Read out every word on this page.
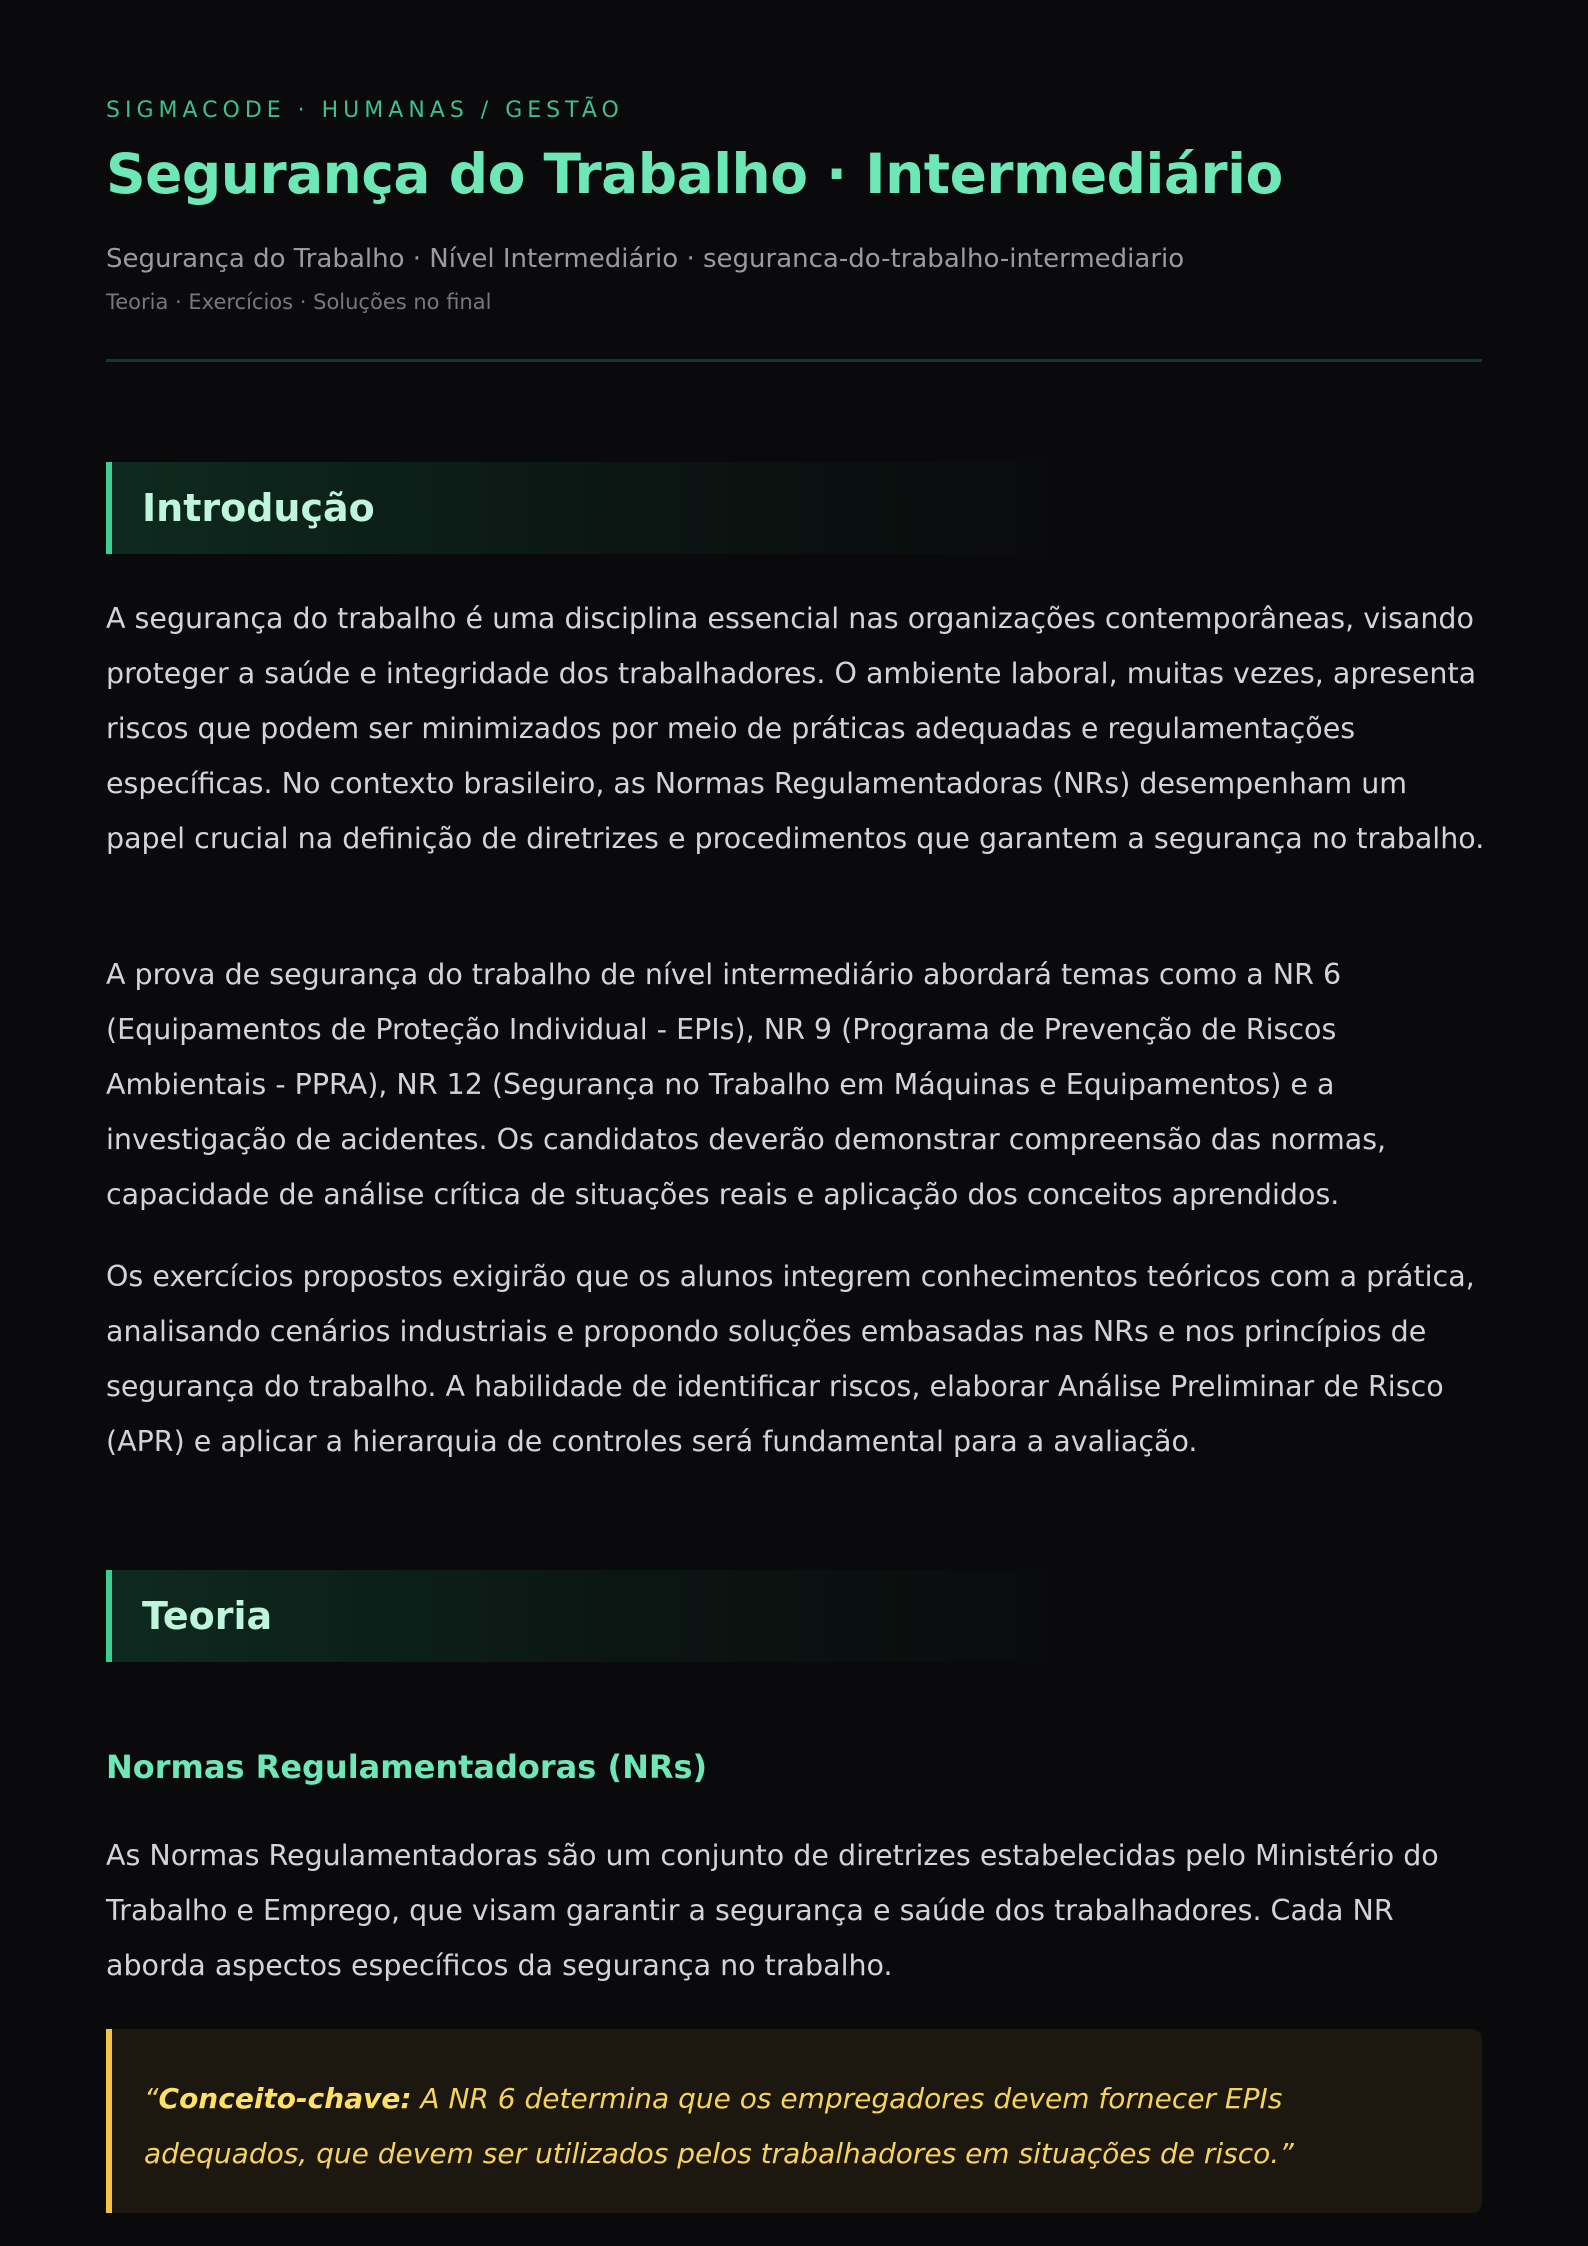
SIGMACODE · HUMANAS / GESTÃO
Segurança do Trabalho · Intermediário
Segurança do Trabalho · Nível Intermediário · seguranca-do-trabalho-intermediario
Teoria · Exercícios · Soluções no final
Introdução

A segurança do trabalho é uma disciplina essencial nas organizações contemporâneas, visando proteger a saúde e integridade dos trabalhadores. O ambiente laboral, muitas vezes, apresenta riscos que podem ser minimizados por meio de práticas adequadas e regulamentações específicas. No contexto brasileiro, as Normas Regulamentadoras (NRs) desempenham um papel crucial na definição de diretrizes e procedimentos que garantem a segurança no trabalho.

A prova de segurança do trabalho de nível intermediário abordará temas como a NR 6 (Equipamentos de Proteção Individual - EPIs), NR 9 (Programa de Prevenção de Riscos Ambientais - PPRA), NR 12 (Segurança no Trabalho em Máquinas e Equipamentos) e a investigação de acidentes. Os candidatos deverão demonstrar compreensão das normas, capacidade de análise crítica de situações reais e aplicação dos conceitos aprendidos.

Os exercícios propostos exigirão que os alunos integrem conhecimentos teóricos com a prática, analisando cenários industriais e propondo soluções embasadas nas NRs e nos princípios de segurança do trabalho. A habilidade de identificar riscos, elaborar Análise Preliminar de Risco (APR) e aplicar a hierarquia de controles será fundamental para a avaliação.

Teoria
Normas Regulamentadoras (NRs)

As Normas Regulamentadoras são um conjunto de diretrizes estabelecidas pelo Ministério do Trabalho e Emprego, que visam garantir a segurança e saúde dos trabalhadores. Cada NR aborda aspectos específicos da segurança no trabalho.

“Conceito-chave: A NR 6 determina que os empregadores devem fornecer EPIs adequados, que devem ser utilizados pelos trabalhadores em situações de risco.”
